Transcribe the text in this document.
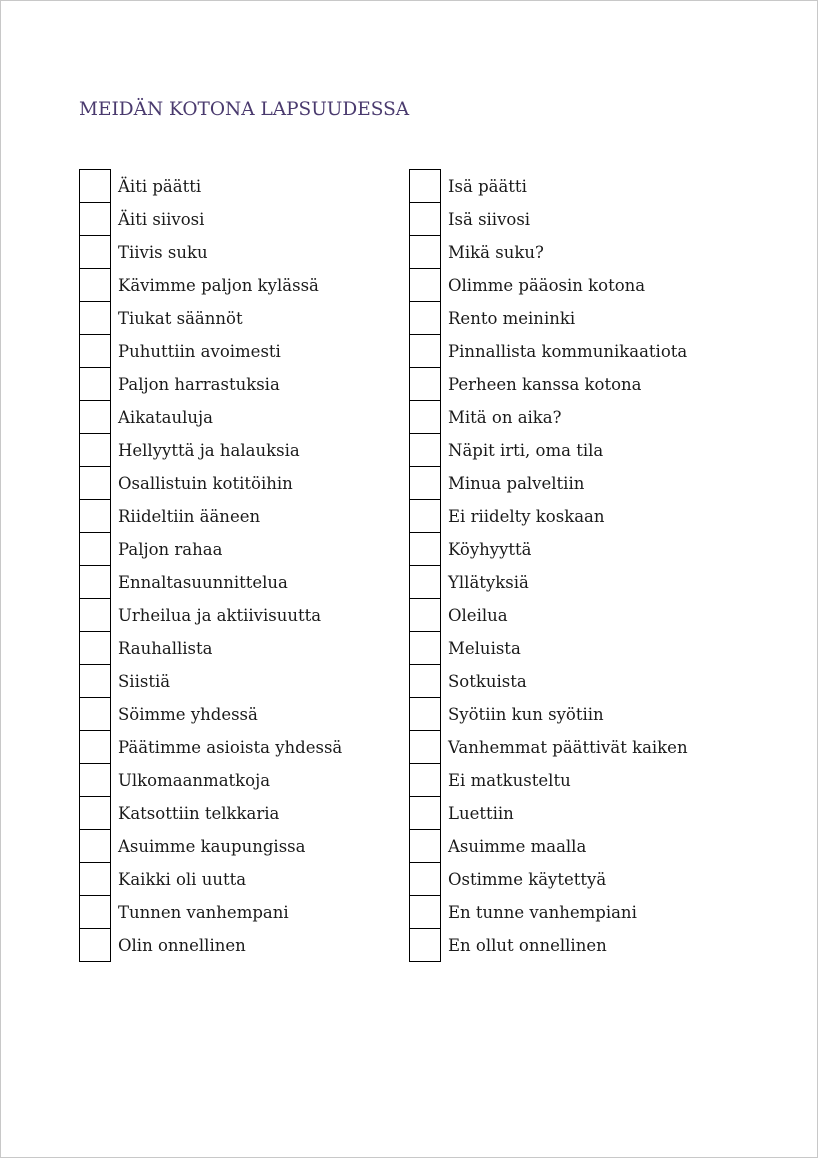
MEIDÄN KOTONA LAPSUUDESSA
Äiti päätti
Äiti siivosi
Tiivis suku
Kävimme paljon kylässä
Tiukat säännöt
Puhuttiin avoimesti
Paljon harrastuksia
Aikatauluja
Hellyyttä ja halauksia
Osallistuin kotitöihin
Riideltiin ääneen
Paljon rahaa
Ennaltasuunnittelua
Urheilua ja aktiivisuutta
Rauhallista
Siistiä
Söimme yhdessä
Päätimme asioista yhdessä
Ulkomaanmatkoja
Katsottiin telkkaria
Asuimme kaupungissa
Kaikki oli uutta
Tunnen vanhempani
Olin onnellinen
Isä päätti
Isä siivosi
Mikä suku?
Olimme pääosin kotona
Rento meininki
Pinnallista kommunikaatiota
Perheen kanssa kotona
Mitä on aika?
Näpit irti, oma tila
Minua palveltiin
Ei riidelty koskaan
Köyhyyttä
Yllätyksiä
Oleilua
Meluista
Sotkuista
Syötiin kun syötiin
Vanhemmat päättivät kaiken
Ei matkusteltu
Luettiin
Asuimme maalla
Ostimme käytettyä
En tunne vanhempiani
En ollut onnellinen
